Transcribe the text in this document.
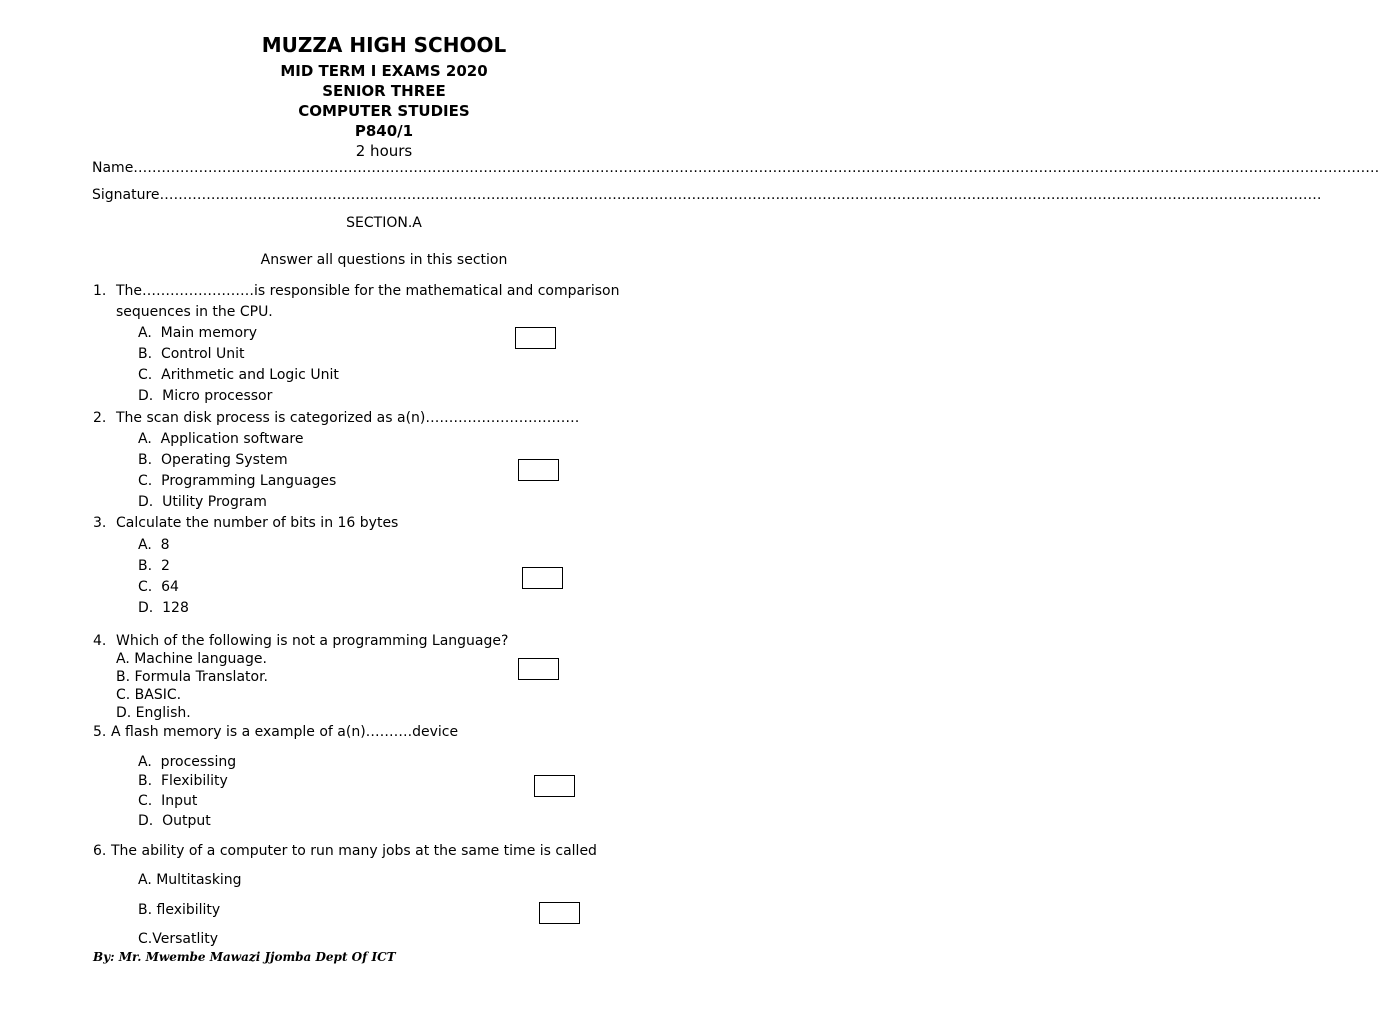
MUZZA HIGH SCHOOL
MID TERM I EXAMS 2020
SENIOR THREE
COMPUTER STUDIES
P840/1
2 hours
Name……………………………………………………………………………………………………………………………………………………………………………………………………………………………………………
Signature……………………………………………………………………………………………………………………………………………………………………………………………………………………………
SECTION.A
Answer all questions in this section
1. The……………………is responsible for the mathematical and comparison
sequences in the CPU.
A.  Main memory
B.  Control Unit
C.  Arithmetic and Logic Unit
D.  Micro processor
2. The scan disk process is categorized as a(n)……………………………
A.  Application software
B.  Operating System
C.  Programming Languages
D.  Utility Program
3. Calculate the number of bits in 16 bytes
A.  8
B.  2
C.  64
D.  128
4. Which of the following is not a programming Language?
A. Machine language.
B. Formula Translator.
C. BASIC.
D. English.
5. A flash memory is a example of a(n)……….device
A.  processing
B.  Flexibility
C.  Input
D.  Output
6. The ability of a computer to run many jobs at the same time is called
A. Multitasking
B. flexibility
C.Versatlity
By: Mr. Mwembe Mawazi Jjomba Dept Of ICT
